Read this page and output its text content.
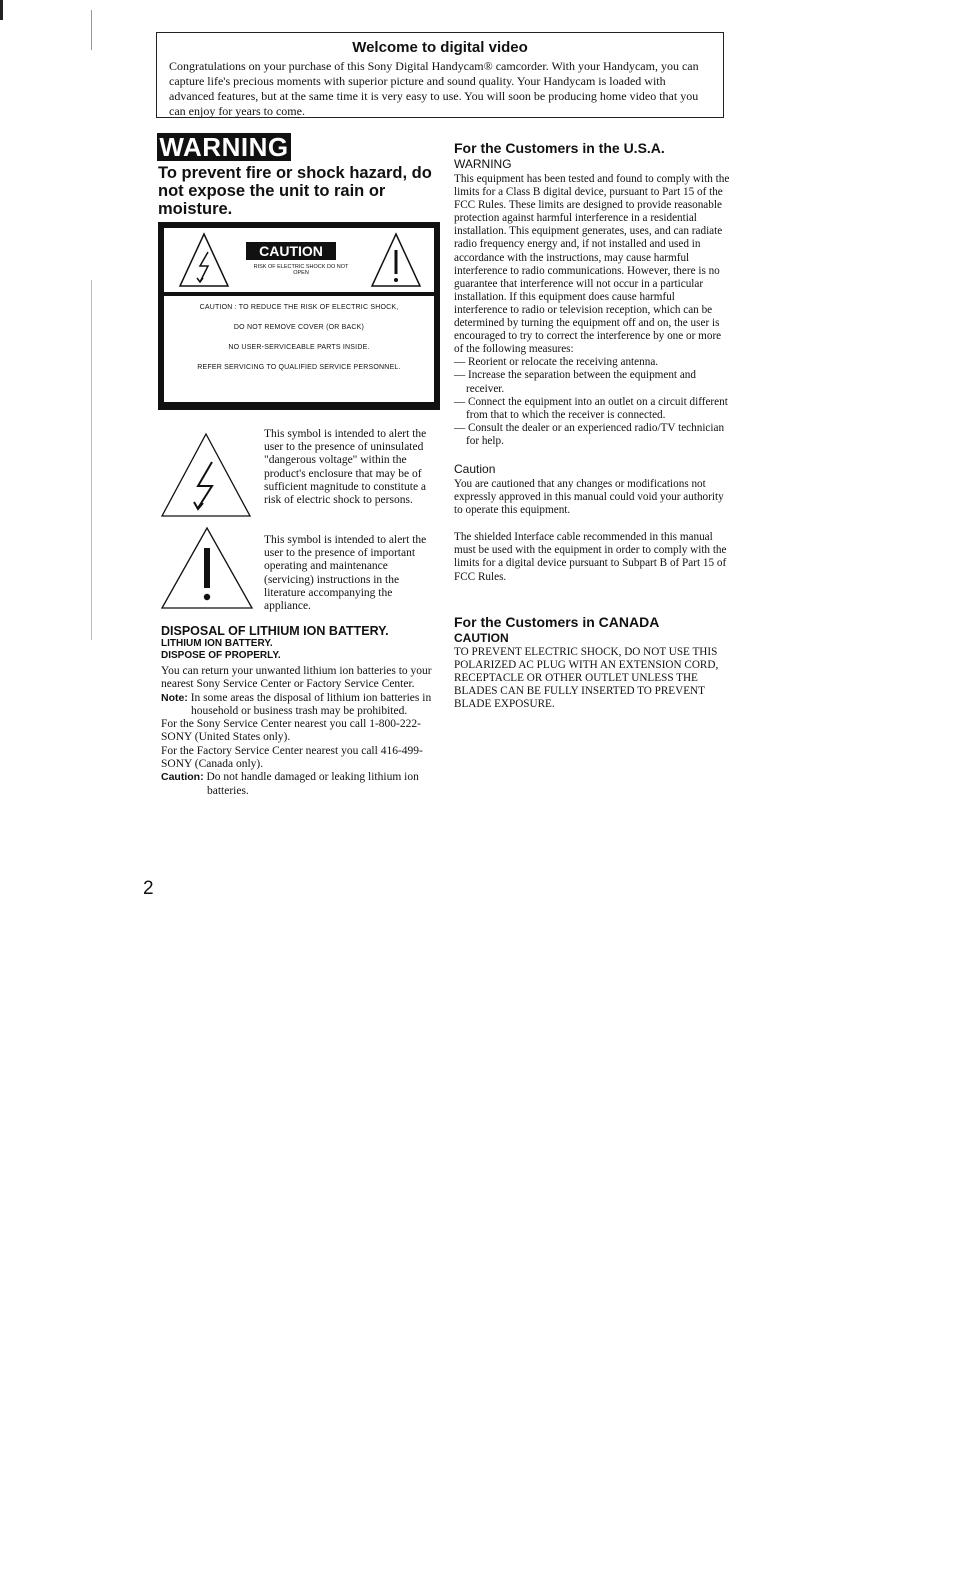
Welcome to digital video

Congratulations on your purchase of this Sony Digital Handycam® camcorder. With your Handycam, you can capture life's precious moments with superior picture and sound quality. Your Handycam is loaded with advanced features, but at the same time it is very easy to use. You will soon be producing home video that you can enjoy for years to come.

WARNING

To prevent fire or shock hazard, do not expose the unit to rain or moisture.

CAUTION
RISK OF ELECTRIC SHOCK DO NOT OPEN

CAUTION : TO REDUCE THE RISK OF ELECTRIC SHOCK,

DO NOT REMOVE COVER (OR BACK)

NO USER-SERVICEABLE PARTS INSIDE.

REFER SERVICING TO QUALIFIED SERVICE PERSONNEL.

This symbol is intended to alert the user to the presence of uninsulated "dangerous voltage" within the product's enclosure that may be of sufficient magnitude to constitute a risk of electric shock to persons.

This symbol is intended to alert the user to the presence of important operating and maintenance (servicing) instructions in the literature accompanying the appliance.

DISPOSAL OF LITHIUM ION BATTERY.

LITHIUM ION BATTERY.

DISPOSE OF PROPERLY.

You can return your unwanted lithium ion batteries to your nearest Sony Service Center or Factory Service Center.

Note: In some areas the disposal of lithium ion batteries in household or business trash may be prohibited.

For the Sony Service Center nearest you call 1-800-222-SONY (United States only).

For the Factory Service Center nearest you call 416-499-SONY (Canada only).

Caution: Do not handle damaged or leaking lithium ion batteries.

For the Customers in the U.S.A.

WARNING

This equipment has been tested and found to comply with the limits for a Class B digital device, pursuant to Part 15 of the FCC Rules. These limits are designed to provide reasonable protection against harmful interference in a residential installation. This equipment generates, uses, and can radiate radio frequency energy and, if not installed and used in accordance with the instructions, may cause harmful interference to radio communications. However, there is no guarantee that interference will not occur in a particular installation. If this equipment does cause harmful interference to radio or television reception, which can be determined by turning the equipment off and on, the user is encouraged to try to correct the interference by one or more of the following measures:

— Reorient or relocate the receiving antenna.

— Increase the separation between the equipment and receiver.

— Connect the equipment into an outlet on a circuit different from that to which the receiver is connected.

— Consult the dealer or an experienced radio/TV technician for help.

Caution

You are cautioned that any changes or modifications not expressly approved in this manual could void your authority to operate this equipment.

The shielded Interface cable recommended in this manual must be used with the equipment in order to comply with the limits for a digital device pursuant to Subpart B of Part 15 of FCC Rules.

For the Customers in CANADA

CAUTION

TO PREVENT ELECTRIC SHOCK, DO NOT USE THIS POLARIZED AC PLUG WITH AN EXTENSION CORD, RECEPTACLE OR OTHER OUTLET UNLESS THE BLADES CAN BE FULLY INSERTED TO PREVENT BLADE EXPOSURE.

2
